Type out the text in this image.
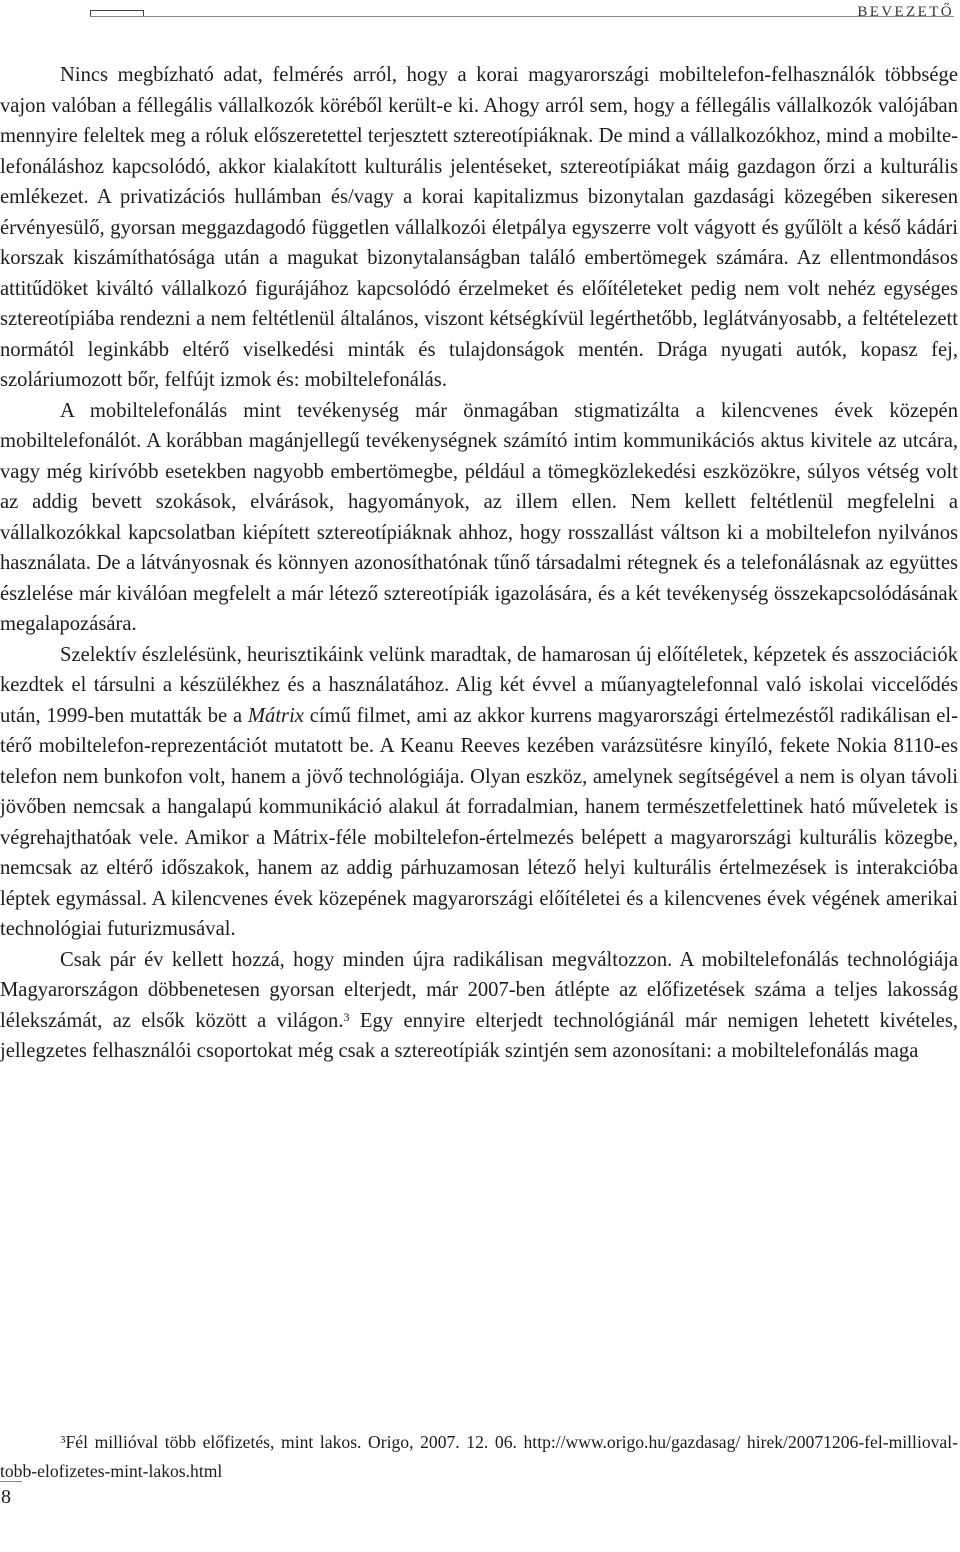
BEVEZETŐ

Nincs megbízható adat, felmérés arról, hogy a korai magyarországi mobiltelefon-felhasználók többsége vajon valóban a féllegális vállalkozók köréből került-e ki. Ahogy arról sem, hogy a féllegális vállalkozók valójában mennyire feleltek meg a róluk előszeretettel terjesztett sztereotípiáknak. De mind a vállalkozókhoz, mind a mobiltelefonáláshoz kapcsolódó, akkor kialakított kulturális jelentéseket, sztereotípiákat máig gazdagon őrzi a kulturális emlékezet. A privatizációs hullámban és/vagy a korai kapitalizmus bizonytalan gazdasági közegében sikeresen érvényesülő, gyorsan meggazdagodó független vállalkozói életpálya egyszerre volt vágyott és gyűlölt a késő kádári korszak kiszámíthatósága után a magukat bizonytalanságban találó embertömegek számára. Az ellentmondásos attitűdöket kiváltó vállalkozó figurájához kapcsolódó érzelmeket és előítéleteket pedig nem volt nehéz egységes sztereotípiába rendezni a nem feltétlenül általános, viszont kétségkívül legérthetőbb, leglátványosabb, a feltételezett normától leginkább eltérő viselkedési minták és tulajdonságok mentén. Drága nyugati autók, kopasz fej, szoláriumozott bőr, felfújt izmok és: mobiltelefonálás.

A mobiltelefonálás mint tevékenység már önmagában stigmatizálta a kilencvenes évek közepén mobiltelefonálót. A korábban magánjellegű tevékenységnek számító intim kommunikációs aktus kivitele az utcára, vagy még kirívóbb esetekben nagyobb embertömegbe, például a tömegközlekedési eszközökre, súlyos vétség volt az addig bevett szokások, elvárások, hagyományok, az illem ellen. Nem kellett feltétlenül megfelelni a vállalkozókkal kapcsolatban kiépített sztereotípiáknak ahhoz, hogy rosszallást váltson ki a mobiltelefon nyilvános használata. De a látványosnak és könnyen azonosíthatónak tűnő társadalmi rétegnek és a telefonálásnak az együttes észlelése már kiválóan megfelelt a már létező sztereotípiák igazolására, és a két tevékenység összekapcsolódásának megalapozására.

Szelektív észlelésünk, heurisztikáink velünk maradtak, de hamarosan új előítéletek, képzetek és asszociációk kezdtek el társulni a készülékhez és a használatához. Alig két évvel a műanyagtelefonnal való iskolai viccelődés után, 1999-ben mutatták be a Mátrix című filmet, ami az akkor kurrens magyarországi értelmezéstől radikálisan eltérő mobiltelefon-reprezentációt mutatott be. A Keanu Reeves kezében varázsütésre kinyíló, fekete Nokia 8110-es telefon nem bunkofon volt, hanem a jövő technológiája. Olyan eszköz, amelynek segítségével a nem is olyan távoli jövőben nemcsak a hangalapú kommunikáció alakul át forradalmian, hanem természetfelettinek ható műveletek is végrehajthatóak vele. Amikor a Mátrix-féle mobiltelefon-értelmezés belépett a magyarországi kulturális közegbe, nemcsak az eltérő időszakok, hanem az addig párhuzamosan létező helyi kulturális értelmezések is interakcióba léptek egymással. A kilencvenes évek közepének magyarországi előítéletei és a kilencvenes évek végének amerikai technológiai futurizmusával.

Csak pár év kellett hozzá, hogy minden újra radikálisan megváltozzon. A mobiltelefonálás technológiája Magyarországon döbbenetesen gyorsan elterjedt, már 2007-ben átlépte az előfizetések száma a teljes lakosság lélekszámát, az elsők között a világon.$^3$ Egy ennyire elterjedt technológiánál már nemigen lehetett kivételes, jellegzetes felhasználói csoportokat még csak a sztereotípiák szintjén sem azonosítani: a mobiltelefonálás maga

$^3$Fél millióval több előfizetés, mint lakos. Origo, 2007. 12. 06. http://www.origo.hu/gazdasag/ hirek/20071206-fel-millioval-tobb-elofizetes-mint-lakos.html

8
